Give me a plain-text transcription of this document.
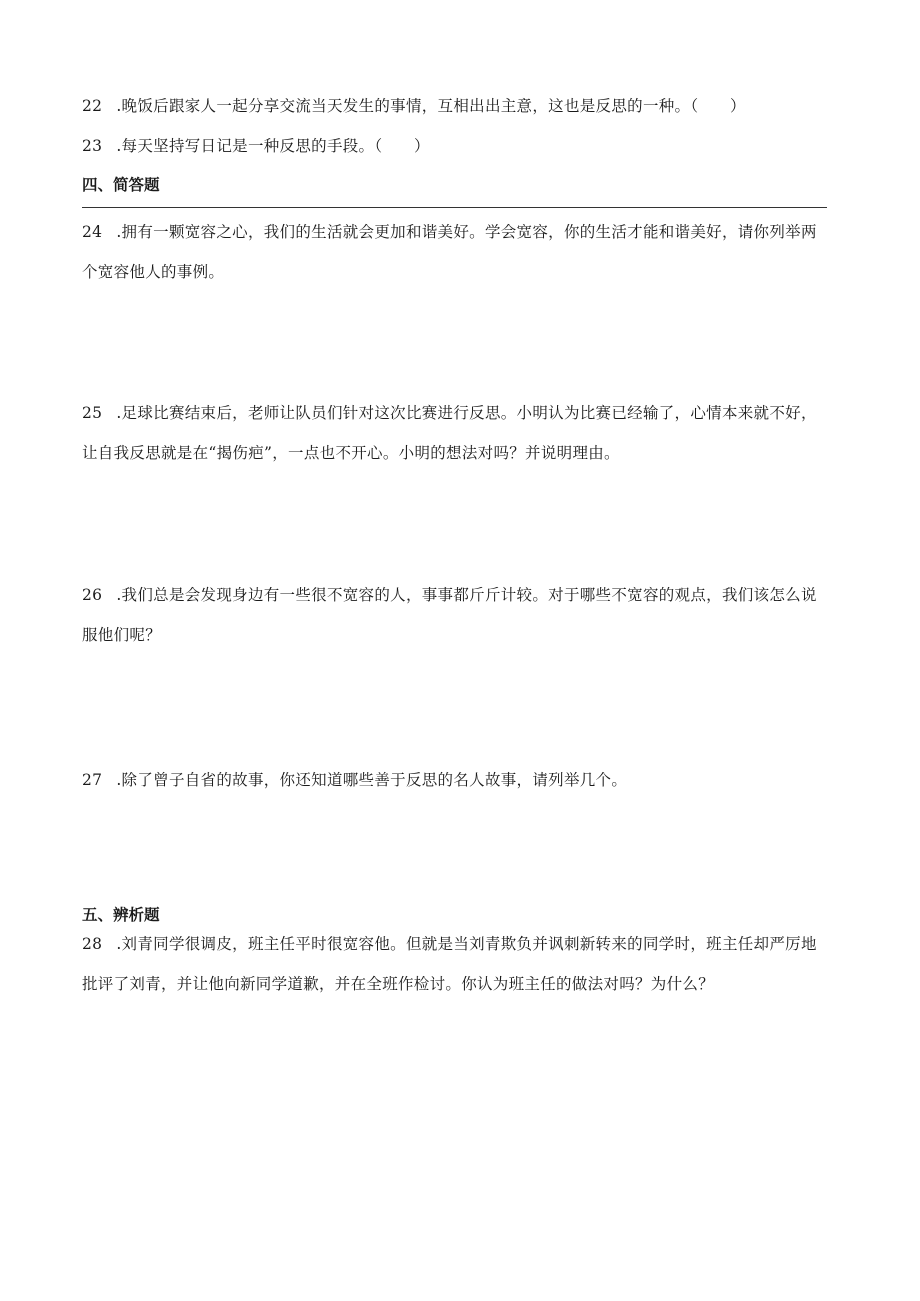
22 .晚饭后跟家人一起分享交流当天发生的事情，互相出出主意，这也是反思的一种。（　　）
23 .每天坚持写日记是一种反思的手段。（　　）
四、简答题
24 .拥有一颗宽容之心，我们的生活就会更加和谐美好。学会宽容，你的生活才能和谐美好，请你列举两个宽容他人的事例。
25 .足球比赛结束后，老师让队员们针对这次比赛进行反思。小明认为比赛已经输了，心情本来就不好，让自我反思就是在“揭伤疤”，一点也不开心。小明的想法对吗？并说明理由。
26 .我们总是会发现身边有一些很不宽容的人，事事都斤斤计较。对于哪些不宽容的观点，我们该怎么说服他们呢？
27 .除了曾子自省的故事，你还知道哪些善于反思的名人故事，请列举几个。
五、辨析题
28 .刘青同学很调皮，班主任平时很宽容他。但就是当刘青欺负并讽刺新转来的同学时，班主任却严厉地批评了刘青，并让他向新同学道歉，并在全班作检讨。你认为班主任的做法对吗？为什么？
